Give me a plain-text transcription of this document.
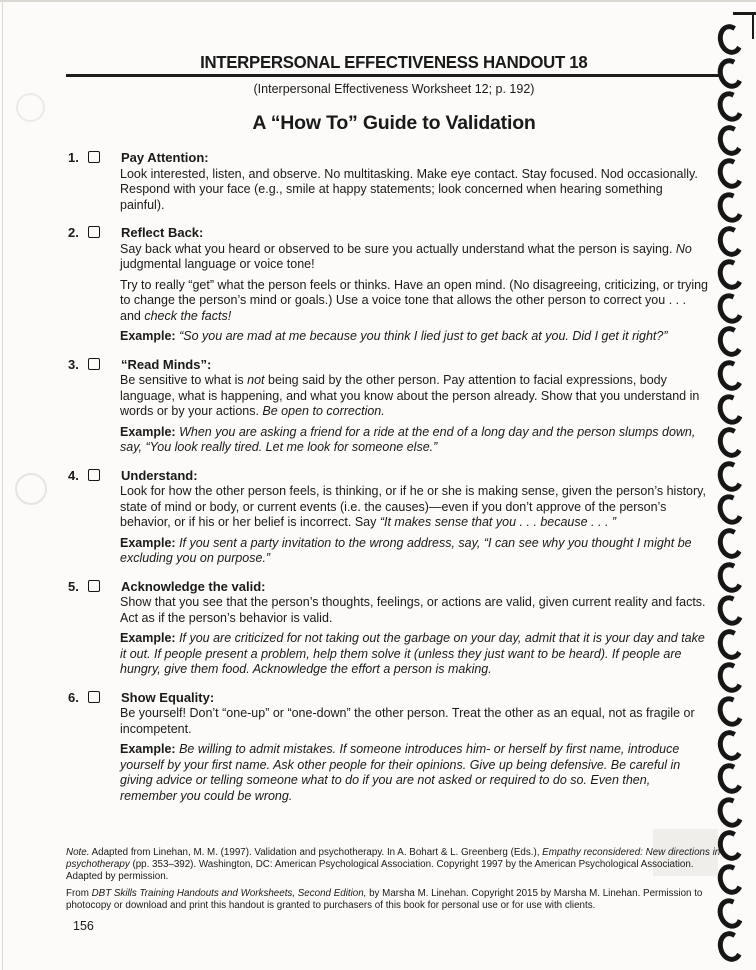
INTERPERSONAL EFFECTIVENESS HANDOUT 18
(Interpersonal Effectiveness Worksheet 12; p. 192)
A “How To” Guide to Validation
1.	Pay Attention:

Look interested, listen, and observe. No multitasking. Make eye contact. Stay focused. Nod occasionally. Respond with your face (e.g., smile at happy statements; look concerned when hearing something painful).

2.	Reflect Back:

Say back what you heard or observed to be sure you actually understand what the person is saying. No judgmental language or voice tone!

Try to really “get” what the person feels or thinks. Have an open mind. (No disagreeing, criticizing, or trying to change the person’s mind or goals.) Use a voice tone that allows the other person to correct you . . . and check the facts!

Example: “So you are mad at me because you think I lied just to get back at you. Did I get it right?”

3.	“Read Minds”:

Be sensitive to what is not being said by the other person. Pay attention to facial expressions, body language, what is happening, and what you know about the person already. Show that you understand in words or by your actions. Be open to correction.

Example: When you are asking a friend for a ride at the end of a long day and the person slumps down, say, “You look really tired. Let me look for someone else.”

4.	Understand:

Look for how the other person feels, is thinking, or if he or she is making sense, given the person’s history, state of mind or body, or current events (i.e. the causes)—even if you don’t approve of the person’s behavior, or if his or her belief is incorrect. Say “It makes sense that you . . . because . . . ”

Example: If you sent a party invitation to the wrong address, say, “I can see why you thought I might be excluding you on purpose.”

5.	Acknowledge the valid:

Show that you see that the person’s thoughts, feelings, or actions are valid, given current reality and facts. Act as if the person’s behavior is valid.

Example: If you are criticized for not taking out the garbage on your day, admit that it is your day and take it out. If people present a problem, help them solve it (unless they just want to be heard). If people are hungry, give them food. Acknowledge the effort a person is making.

6.	Show Equality:

Be yourself! Don’t “one-up” or “one-down” the other person. Treat the other as an equal, not as fragile or incompetent.

Example: Be willing to admit mistakes. If someone introduces him- or herself by first name, introduce yourself by your first name. Ask other people for their opinions. Give up being defensive. Be careful in giving advice or telling someone what to do if you are not asked or required to do so. Even then, remember you could be wrong.

Note. Adapted from Linehan, M. M. (1997). Validation and psychotherapy. In A. Bohart & L. Greenberg (Eds.), Empathy reconsidered: New directions in psychotherapy (pp. 353–392). Washington, DC: American Psychological Association. Copyright 1997 by the American Psychological Association. Adapted by permission.

From DBT Skills Training Handouts and Worksheets, Second Edition, by Marsha M. Linehan. Copyright 2015 by Marsha M. Linehan. Permission to photocopy or download and print this handout is granted to purchasers of this book for personal use or for use with clients.

156
